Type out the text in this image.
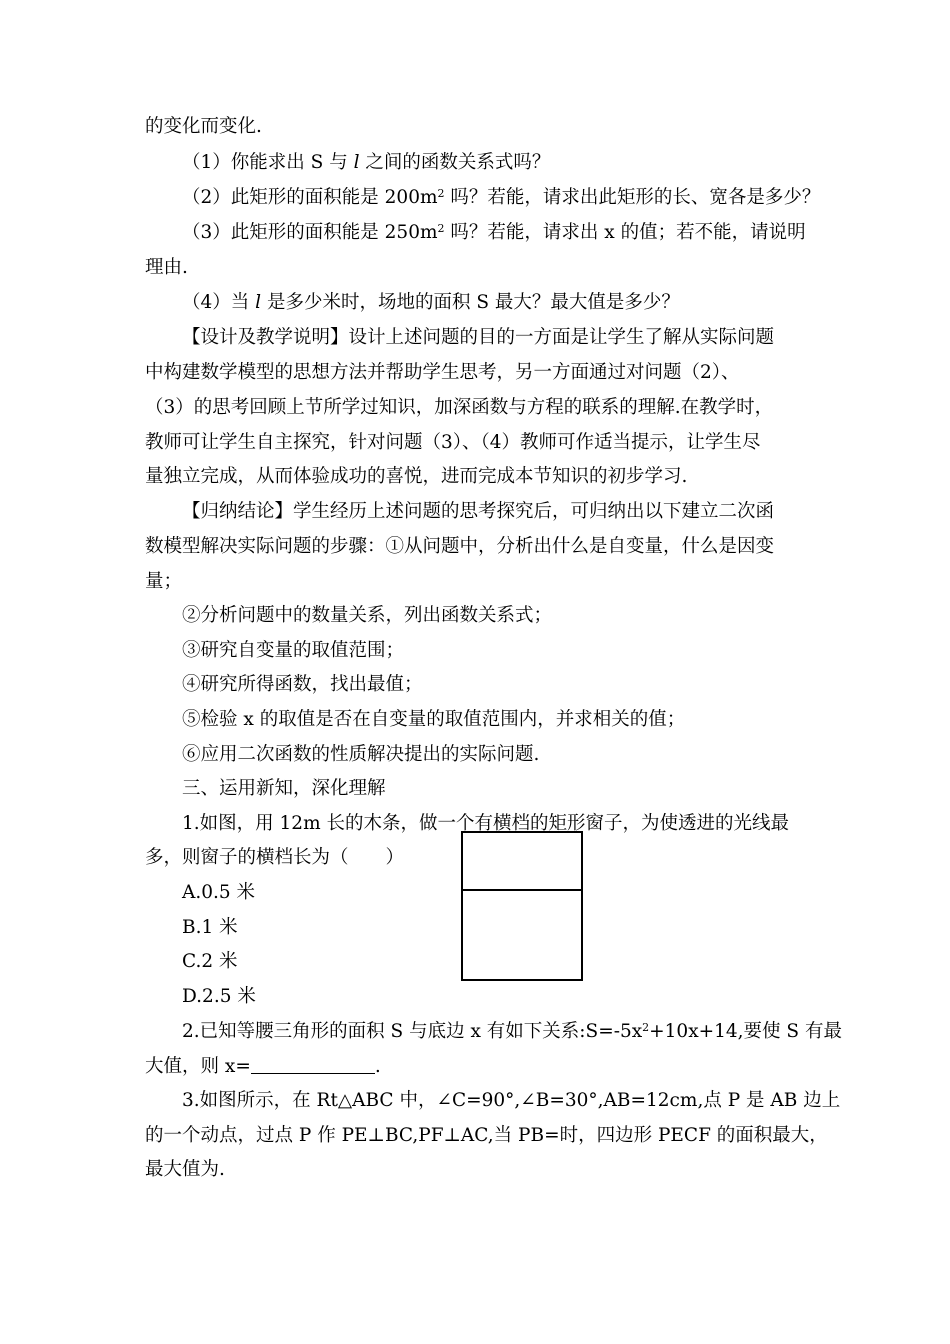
的变化而变化.
（1）你能求出 S 与 l 之间的函数关系式吗？
（2）此矩形的面积能是 $200m^2$ 吗？若能，请求出此矩形的长、宽各是多少？
（3）此矩形的面积能是 $250m^2$ 吗？若能，请求出 x 的值；若不能，请说明
理由.
（4）当 l 是多少米时，场地的面积 S 最大？最大值是多少？
【设计及教学说明】设计上述问题的目的一方面是让学生了解从实际问题
中构建数学模型的思想方法并帮助学生思考，另一方面通过对问题（2）、
（3）的思考回顾上节所学过知识，加深函数与方程的联系的理解.在教学时，
教师可让学生自主探究，针对问题（3）、（4）教师可作适当提示，让学生尽
量独立完成，从而体验成功的喜悦，进而完成本节知识的初步学习.
【归纳结论】学生经历上述问题的思考探究后，可归纳出以下建立二次函
数模型解决实际问题的步骤：①从问题中，分析出什么是自变量，什么是因变
量；
②分析问题中的数量关系，列出函数关系式；
③研究自变量的取值范围；
④研究所得函数，找出最值；
⑤检验 x 的取值是否在自变量的取值范围内，并求相关的值；
⑥应用二次函数的性质解决提出的实际问题.
三、运用新知，深化理解
1.如图，用 12m 长的木条，做一个有横档的矩形窗子，为使透进的光线最
多，则窗子的横档长为（　　）
A.0.5 米
B.1 米
C.2 米
D.2.5 米
2.已知等腰三角形的面积 S 与底边 x 有如下关系$:S=-5x^2+10x+14$,要使 S 有最
大值，则 x=	.
3.如图所示，在 Rt△ABC 中，∠C=90°,∠B=30°,AB=12cm,点 P 是 AB 边上
的一个动点，过点 P 作 PE⊥BC,PF⊥AC,当 PB=时，四边形 PECF 的面积最大，
最大值为.
